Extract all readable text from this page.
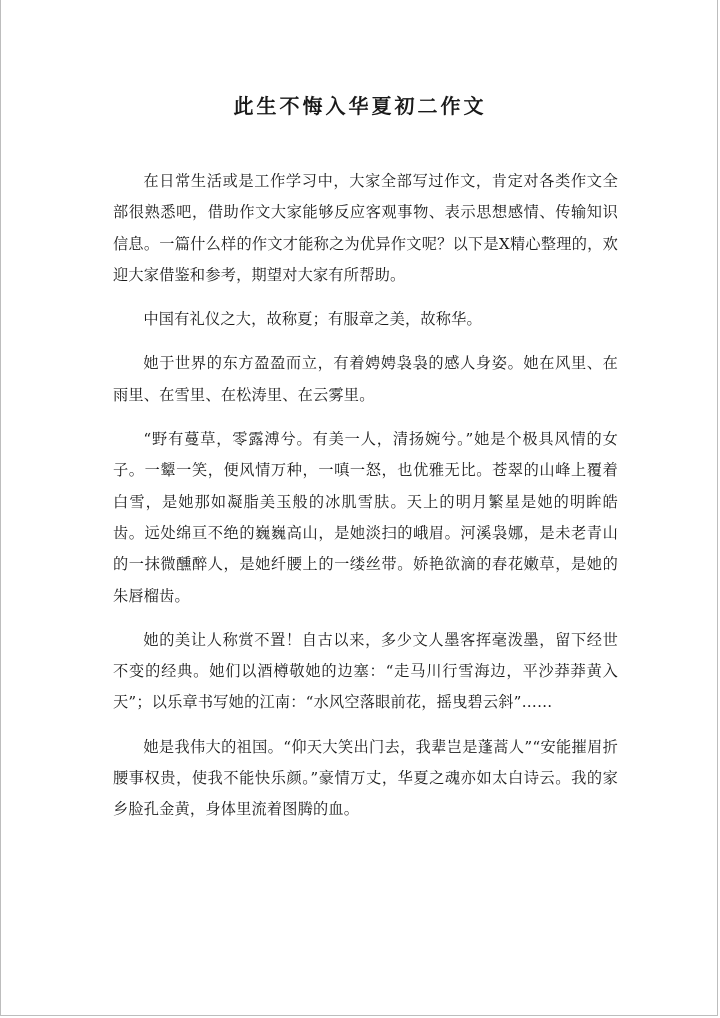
此生不悔入华夏初二作文

在日常生活或是工作学习中，大家全部写过作文，肯定对各类作文全部很熟悉吧，借助作文大家能够反应客观事物、表示思想感情、传输知识信息。一篇什么样的作文才能称之为优异作文呢？以下是X精心整理的，欢迎大家借鉴和参考，期望对大家有所帮助。

中国有礼仪之大，故称夏；有服章之美，故称华。

她于世界的东方盈盈而立，有着娉娉袅袅的感人身姿。她在风里、在雨里、在雪里、在松涛里、在云雾里。

“野有蔓草，零露溥兮。有美一人，清扬婉兮。”她是个极具风情的女子。一颦一笑，便风情万种，一嗔一怒，也优雅无比。苍翠的山峰上覆着白雪，是她那如凝脂美玉般的冰肌雪肤。天上的明月繁星是她的明眸皓齿。远处绵亘不绝的巍巍高山，是她淡扫的峨眉。河溪袅娜，是未老青山的一抹微醺醉人，是她纤腰上的一缕丝带。娇艳欲滴的春花嫩草，是她的朱唇榴齿。

她的美让人称赏不置！自古以来，多少文人墨客挥毫泼墨，留下经世不变的经典。她们以酒樽敬她的边塞：“走马川行雪海边，平沙莽莽黄入天”；以乐章书写她的江南：“水风空落眼前花，摇曳碧云斜”……

她是我伟大的祖国。“仰天大笑出门去，我辈岂是蓬蒿人”“安能摧眉折腰事权贵，使我不能快乐颜。”豪情万丈，华夏之魂亦如太白诗云。我的家乡脸孔金黄，身体里流着图腾的血。
